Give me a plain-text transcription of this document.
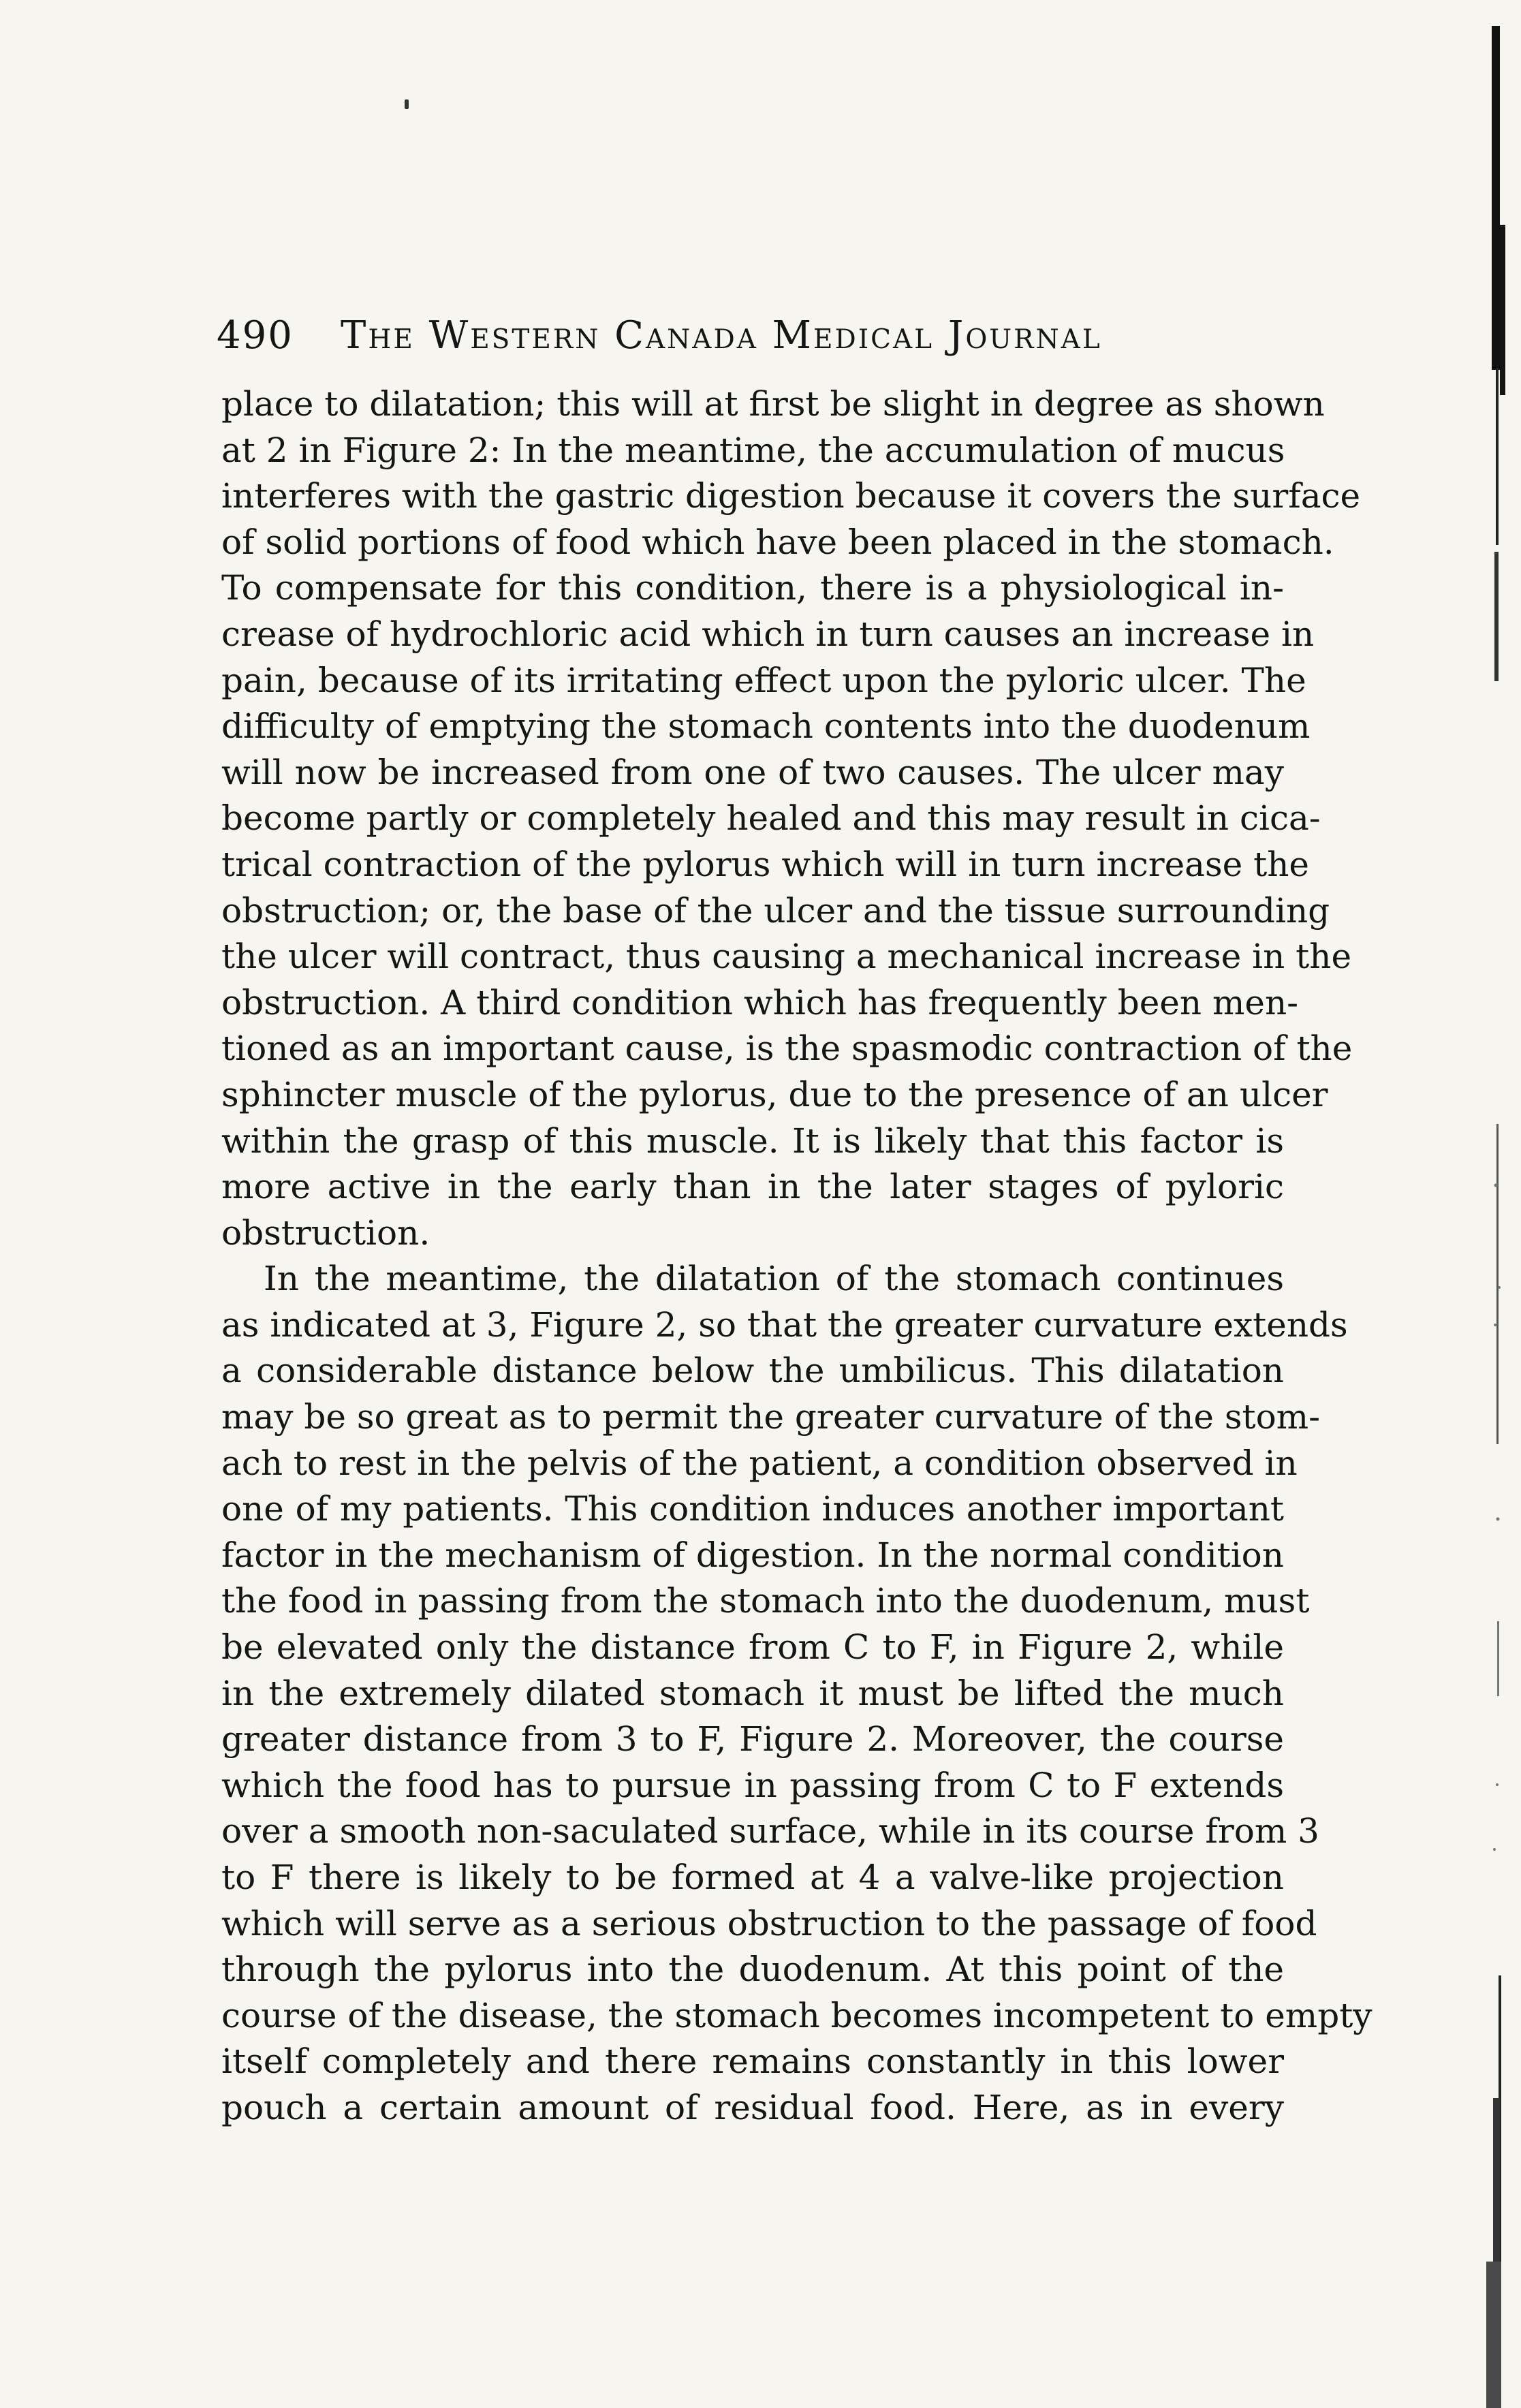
490 The Western Canada Medical Journal

place to dilatation; this will at first be slight in degree as shown
at 2 in Figure 2: In the meantime, the accumulation of mucus
interferes with the gastric digestion because it covers the surface
of solid portions of food which have been placed in the stomach.
To compensate for this condition, there is a physiological in-
crease of hydrochloric acid which in turn causes an increase in
pain, because of its irritating effect upon the pyloric ulcer. The
difficulty of emptying the stomach contents into the duodenum
will now be increased from one of two causes. The ulcer may
become partly or completely healed and this may result in cica-
trical contraction of the pylorus which will in turn increase the
obstruction; or, the base of the ulcer and the tissue surrounding
the ulcer will contract, thus causing a mechanical increase in the
obstruction. A third condition which has frequently been men-
tioned as an important cause, is the spasmodic contraction of the
sphincter muscle of the pylorus, due to the presence of an ulcer
within the grasp of this muscle. It is likely that this factor is
more active in the early than in the later stages of pyloric
obstruction.

In the meantime, the dilatation of the stomach continues
as indicated at 3, Figure 2, so that the greater curvature extends
a considerable distance below the umbilicus. This dilatation
may be so great as to permit the greater curvature of the stom-
ach to rest in the pelvis of the patient, a condition observed in
one of my patients. This condition induces another important
factor in the mechanism of digestion. In the normal condition
the food in passing from the stomach into the duodenum, must
be elevated only the distance from C to F, in Figure 2, while
in the extremely dilated stomach it must be lifted the much
greater distance from 3 to F, Figure 2. Moreover, the course
which the food has to pursue in passing from C to F extends
over a smooth non-saculated surface, while in its course from 3
to F there is likely to be formed at 4 a valve-like projection
which will serve as a serious obstruction to the passage of food
through the pylorus into the duodenum. At this point of the
course of the disease, the stomach becomes incompetent to empty
itself completely and there remains constantly in this lower
pouch a certain amount of residual food. Here, as in every
